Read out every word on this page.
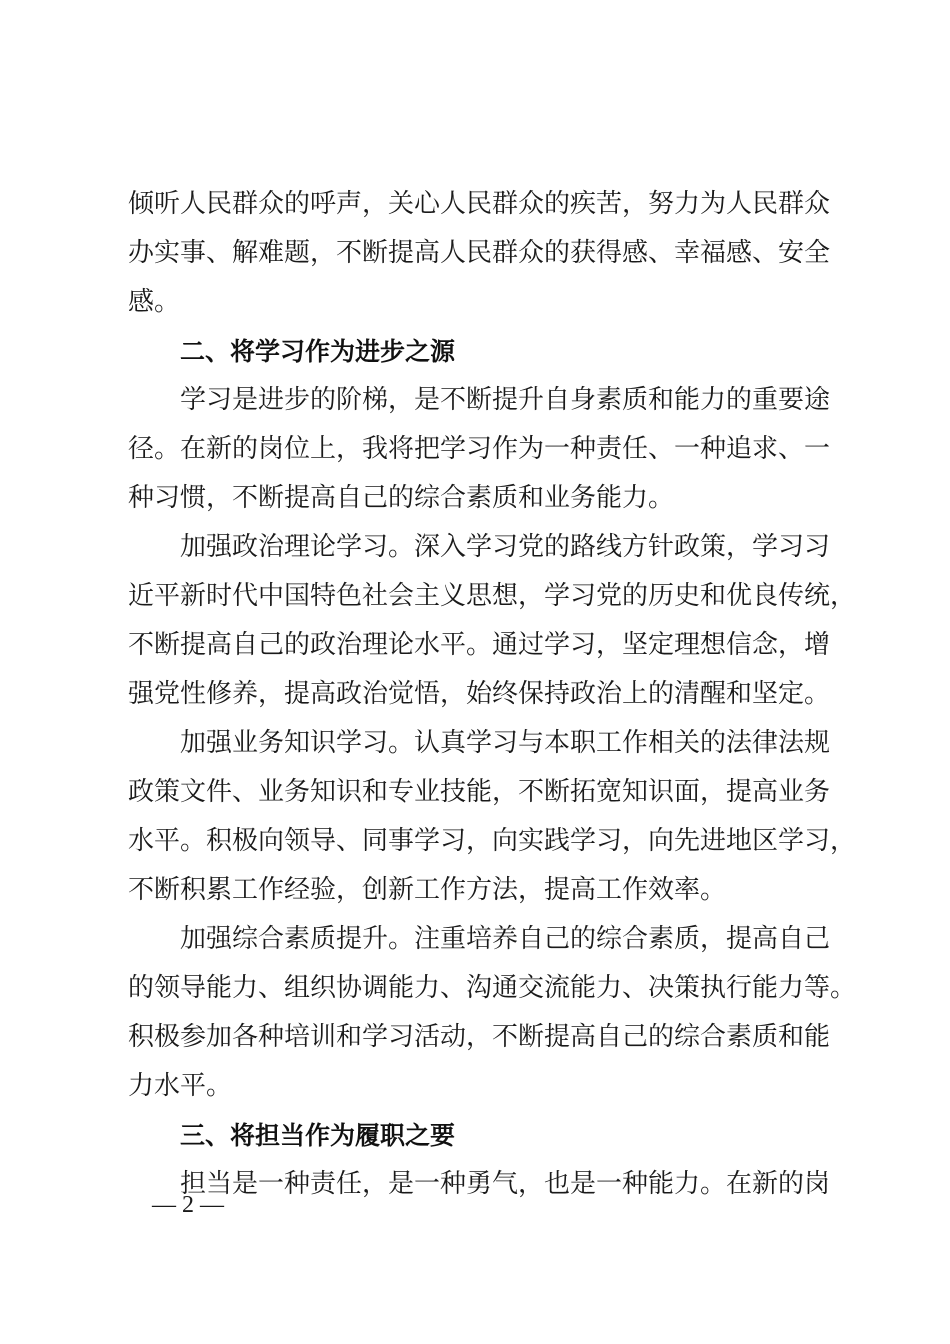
倾听人民群众的呼声，关心人民群众的疾苦，努力为人民群众
办实事、解难题，不断提高人民群众的获得感、幸福感、安全
感。
二、将学习作为进步之源
学习是进步的阶梯，是不断提升自身素质和能力的重要途
径。在新的岗位上，我将把学习作为一种责任、一种追求、一
种习惯，不断提高自己的综合素质和业务能力。
加强政治理论学习。深入学习党的路线方针政策，学习习
近平新时代中国特色社会主义思想，学习党的历史和优良传统，
不断提高自己的政治理论水平。通过学习，坚定理想信念，增
强党性修养，提高政治觉悟，始终保持政治上的清醒和坚定。
加强业务知识学习。认真学习与本职工作相关的法律法规
政策文件、业务知识和专业技能，不断拓宽知识面，提高业务
水平。积极向领导、同事学习，向实践学习，向先进地区学习，
不断积累工作经验，创新工作方法，提高工作效率。
加强综合素质提升。注重培养自己的综合素质，提高自己
的领导能力、组织协调能力、沟通交流能力、决策执行能力等。
积极参加各种培训和学习活动，不断提高自己的综合素质和能
力水平。
三、将担当作为履职之要
担当是一种责任，是一种勇气，也是一种能力。在新的岗
— 2 —
